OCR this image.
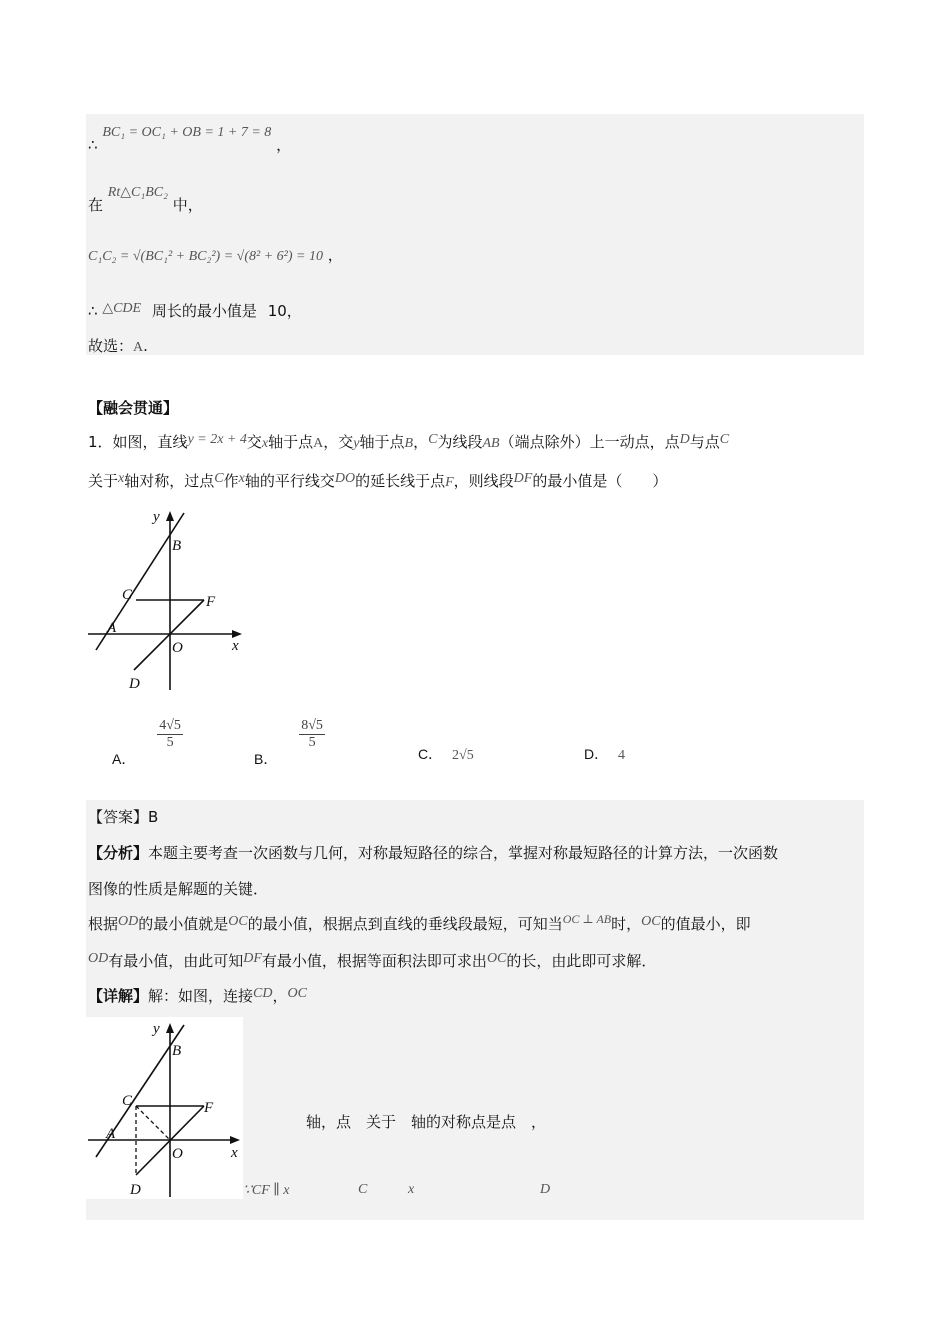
∴ BC₁ = OC₁ + OB = 1 + 7 = 8 ，
在 Rt△C₁BC₂ 中，
C₁C₂ = √(BC₁² + BC₂²) = √(8² + 6²) = 10 ，
∴ △CDE 周长的最小值是 10，
故选：A.
【融会贯通】
1．如图，直线y = 2x + 4交x轴于点A，交y轴于点B，C为线段AB（端点除外）上一动点，点D与点C
关于x轴对称，过点C作x轴的平行线交DO的延长线于点F，则线段DF的最小值是（　　）
y
B
C	F
A
O	x
D
A．
$\frac{4√5}{5}$
B．
$\frac{8√5}{5}$
C． 2√5	D． 4
【答案】B
【分析】本题主要考查一次函数与几何，对称最短路径的综合，掌握对称最短路径的计算方法，一次函数
图像的性质是解题的关键．
根据OD的最小值就是OC的最小值，根据点到直线的垂线段最短，可知当$^{OC \perp AB}$时，OC的值最小，即
OD有最小值，由此可知DF有最小值，根据等面积法即可求出OC的长，由此即可求解．
【详解】解：如图，连接CD，OC
y
B
C	F
A
O	x
D
轴，点　关于　轴的对称点是点　，
∵CF ∥ x	C	x	D
